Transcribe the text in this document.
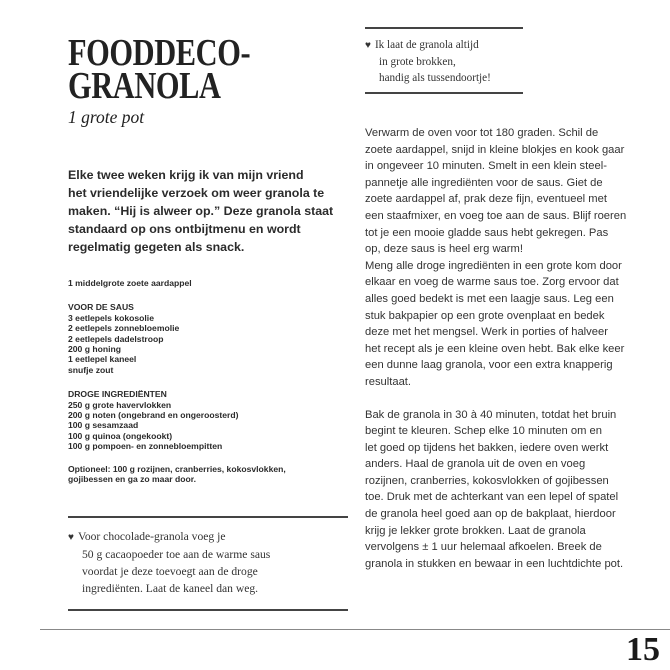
FOODDECO-
GRANOLA
1 grote pot
Elke twee weken krijg ik van mijn vriend
het vriendelijke verzoek om weer granola te
maken. “Hij is alweer op.” Deze granola staat
standaard op ons ontbijtmenu en wordt
regelmatig gegeten als snack.
1 middelgrote zoete aardappel
VOOR DE SAUS
3 eetlepels kokosolie
2 eetlepels zonnebloemolie
2 eetlepels dadelstroop
200 g honing
1 eetlepel kaneel
snufje zout
DROGE INGREDIËNTEN
250 g grote havervlokken
200 g noten (ongebrand en ongeroosterd)
100 g sesamzaad
100 g quinoa (ongekookt)
100 g pompoen- en zonnebloempitten
Optioneel: 100 g rozijnen, cranberries, kokosvlokken,
gojibessen en ga zo maar door.
♥ Voor chocolade-granola voeg je
50 g cacaopoeder toe aan de warme saus
voordat je deze toevoegt aan de droge
ingrediënten. Laat de kaneel dan weg.
♥ Ik laat de granola altijd
in grote brokken,
handig als tussendoortje!
Verwarm de oven voor tot 180 graden. Schil de
zoete aardappel, snijd in kleine blokjes en kook gaar
in ongeveer 10 minuten. Smelt in een klein steel-
pannetje alle ingrediënten voor de saus. Giet de
zoete aardappel af, prak deze fijn, eventueel met
een staafmixer, en voeg toe aan de saus. Blijf roeren
tot je een mooie gladde saus hebt gekregen. Pas
op, deze saus is heel erg warm!
Meng alle droge ingrediënten in een grote kom door
elkaar en voeg de warme saus toe. Zorg ervoor dat
alles goed bedekt is met een laagje saus. Leg een
stuk bakpapier op een grote ovenplaat en bedek
deze met het mengsel. Werk in porties of halveer
het recept als je een kleine oven hebt. Bak elke keer
een dunne laag granola, voor een extra knapperig
resultaat.
Bak de granola in 30 à 40 minuten, totdat het bruin
begint te kleuren. Schep elke 10 minuten om en
let goed op tijdens het bakken, iedere oven werkt
anders. Haal de granola uit de oven en voeg
rozijnen, cranberries, kokosvlokken of gojibessen
toe. Druk met de achterkant van een lepel of spatel
de granola heel goed aan op de bakplaat, hierdoor
krijg je lekker grote brokken. Laat de granola
vervolgens ± 1 uur helemaal afkoelen. Breek de
granola in stukken en bewaar in een luchtdichte pot.
15
